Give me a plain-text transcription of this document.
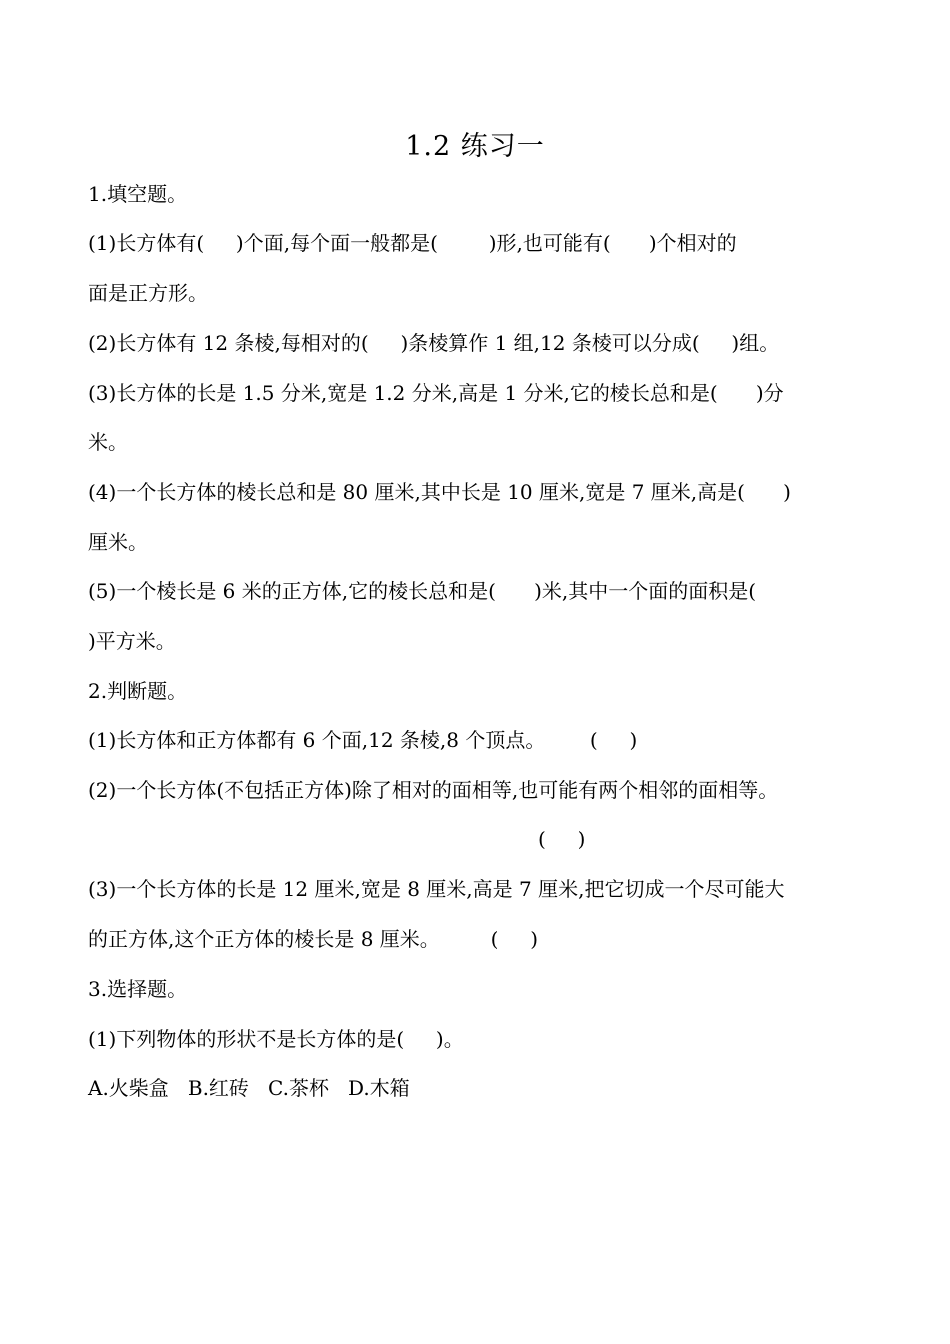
1.2 练习一
1.填空题。
(1)长方体有(     )个面,每个面一般都是(        )形,也可能有(      )个相对的
面是正方形。
(2)长方体有 12 条棱,每相对的(     )条棱算作 1 组,12 条棱可以分成(     )组。
(3)长方体的长是 1.5 分米,宽是 1.2 分米,高是 1 分米,它的棱长总和是(      )分
米。
(4)一个长方体的棱长总和是 80 厘米,其中长是 10 厘米,宽是 7 厘米,高是(      )
厘米。
(5)一个棱长是 6 米的正方体,它的棱长总和是(      )米,其中一个面的面积是(
)平方米。
2.判断题。
(1)长方体和正方体都有 6 个面,12 条棱,8 个顶点。       (     )
(2)一个长方体(不包括正方体)除了相对的面相等,也可能有两个相邻的面相等。
(     )
(3)一个长方体的长是 12 厘米,宽是 8 厘米,高是 7 厘米,把它切成一个尽可能大
的正方体,这个正方体的棱长是 8 厘米。        (     )
3.选择题。
(1)下列物体的形状不是长方体的是(     )。
A.火柴盒   B.红砖   C.茶杯   D.木箱
